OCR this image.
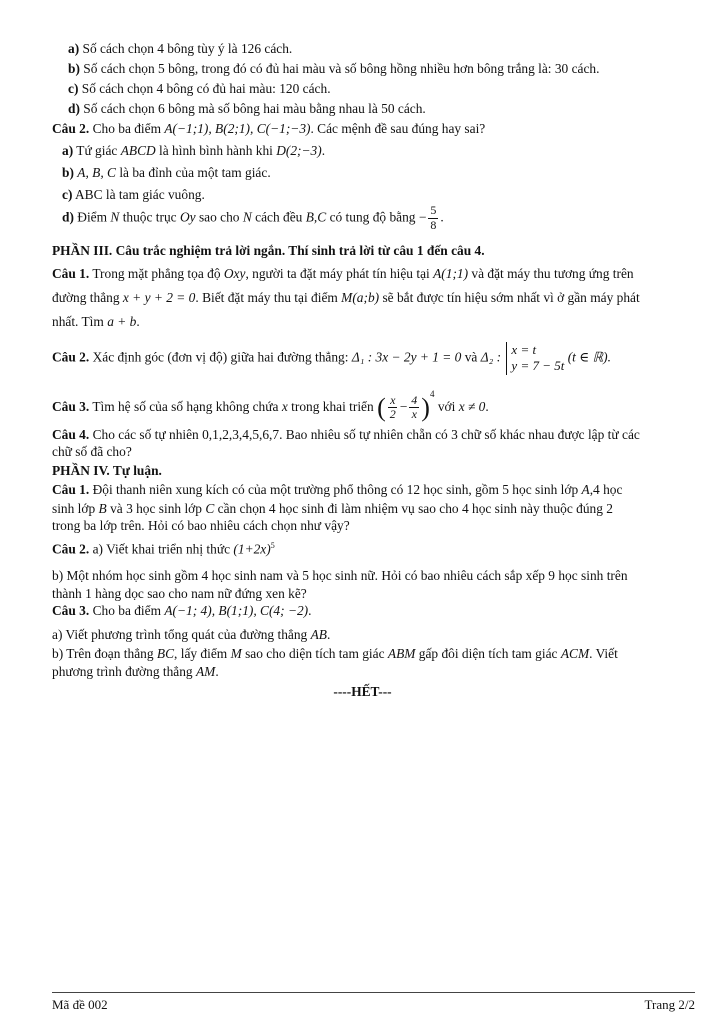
a) Số cách chọn 4 bông tùy ý là 126 cách.
b) Số cách chọn 5 bông, trong đó có đủ hai màu và số bông hồng nhiều hơn bông trắng là: 30 cách.
c) Số cách chọn 4 bông có đủ hai màu: 120 cách.
d) Số cách chọn 6 bông mà số bông hai màu bằng nhau là 50 cách.
Câu 2. Cho ba điểm A(−1;1), B(2;1), C(−1;−3). Các mệnh đề sau đúng hay sai?
a) Tứ giác ABCD là hình bình hành khi D(2;−3).
b) A, B, C là ba đỉnh của một tam giác.
c) ABC là tam giác vuông.
d) Điểm N thuộc trục Oy sao cho N cách đều B,C có tung độ bằng − $\frac{5}{8}$ .
PHẦN III. Câu trắc nghiệm trả lời ngắn. Thí sinh trả lời từ câu 1 đến câu 4.
Câu 1. Trong mặt phẳng tọa độ Oxy, người ta đặt máy phát tín hiệu tại A(1;1) và đặt máy thu tương ứng trên
đường thẳng x + y + 2 = 0. Biết đặt máy thu tại điểm M(a;b) sẽ bắt được tín hiệu sớm nhất vì ở gần máy phát
nhất. Tìm a + b.
Câu 2. Xác định góc (đơn vị độ) giữa hai đường thẳng: Δ₁ : 3x − 2y + 1 = 0 và Δ₂ : x = t
y = 7 − 5t
(t ∈ ℝ).
Câu 3. Tìm hệ số của số hạng không chứa x trong khai triển ( $\frac{x}{2} - \frac{4}{x} )^4$ với x ≠ 0.
Câu 4. Cho các số tự nhiên 0,1,2,3,4,5,6,7. Bao nhiêu số tự nhiên chẵn có 3 chữ số khác nhau được lập từ các
chữ số đã cho?
PHẦN IV. Tự luận.
Câu 1. Đội thanh niên xung kích có của một trường phổ thông có 12 học sinh, gồm 5 học sinh lớp A,4 học
sinh lớp B và 3 học sinh lớp C cần chọn 4 học sinh đi làm nhiệm vụ sao cho 4 học sinh này thuộc đúng 2
trong ba lớp trên. Hỏi có bao nhiêu cách chọn như vậy?
Câu 2. a) Viết khai triển nhị thức $(1+2x)^5$
b) Một nhóm học sinh gồm 4 học sinh nam và 5 học sinh nữ. Hỏi có bao nhiêu cách sắp xếp 9 học sinh trên
thành 1 hàng dọc sao cho nam nữ đứng xen kẽ?
Câu 3. Cho ba điểm A(−1; 4), B(1;1), C(4; −2).
a) Viết phương trình tổng quát của đường thẳng AB.
b) Trên đoạn thẳng BC, lấy điểm M sao cho diện tích tam giác ABM gấp đôi diện tích tam giác ACM. Viết
phương trình đường thẳng AM.
----HẾT---
Mã đề 002	Trang 2/2
